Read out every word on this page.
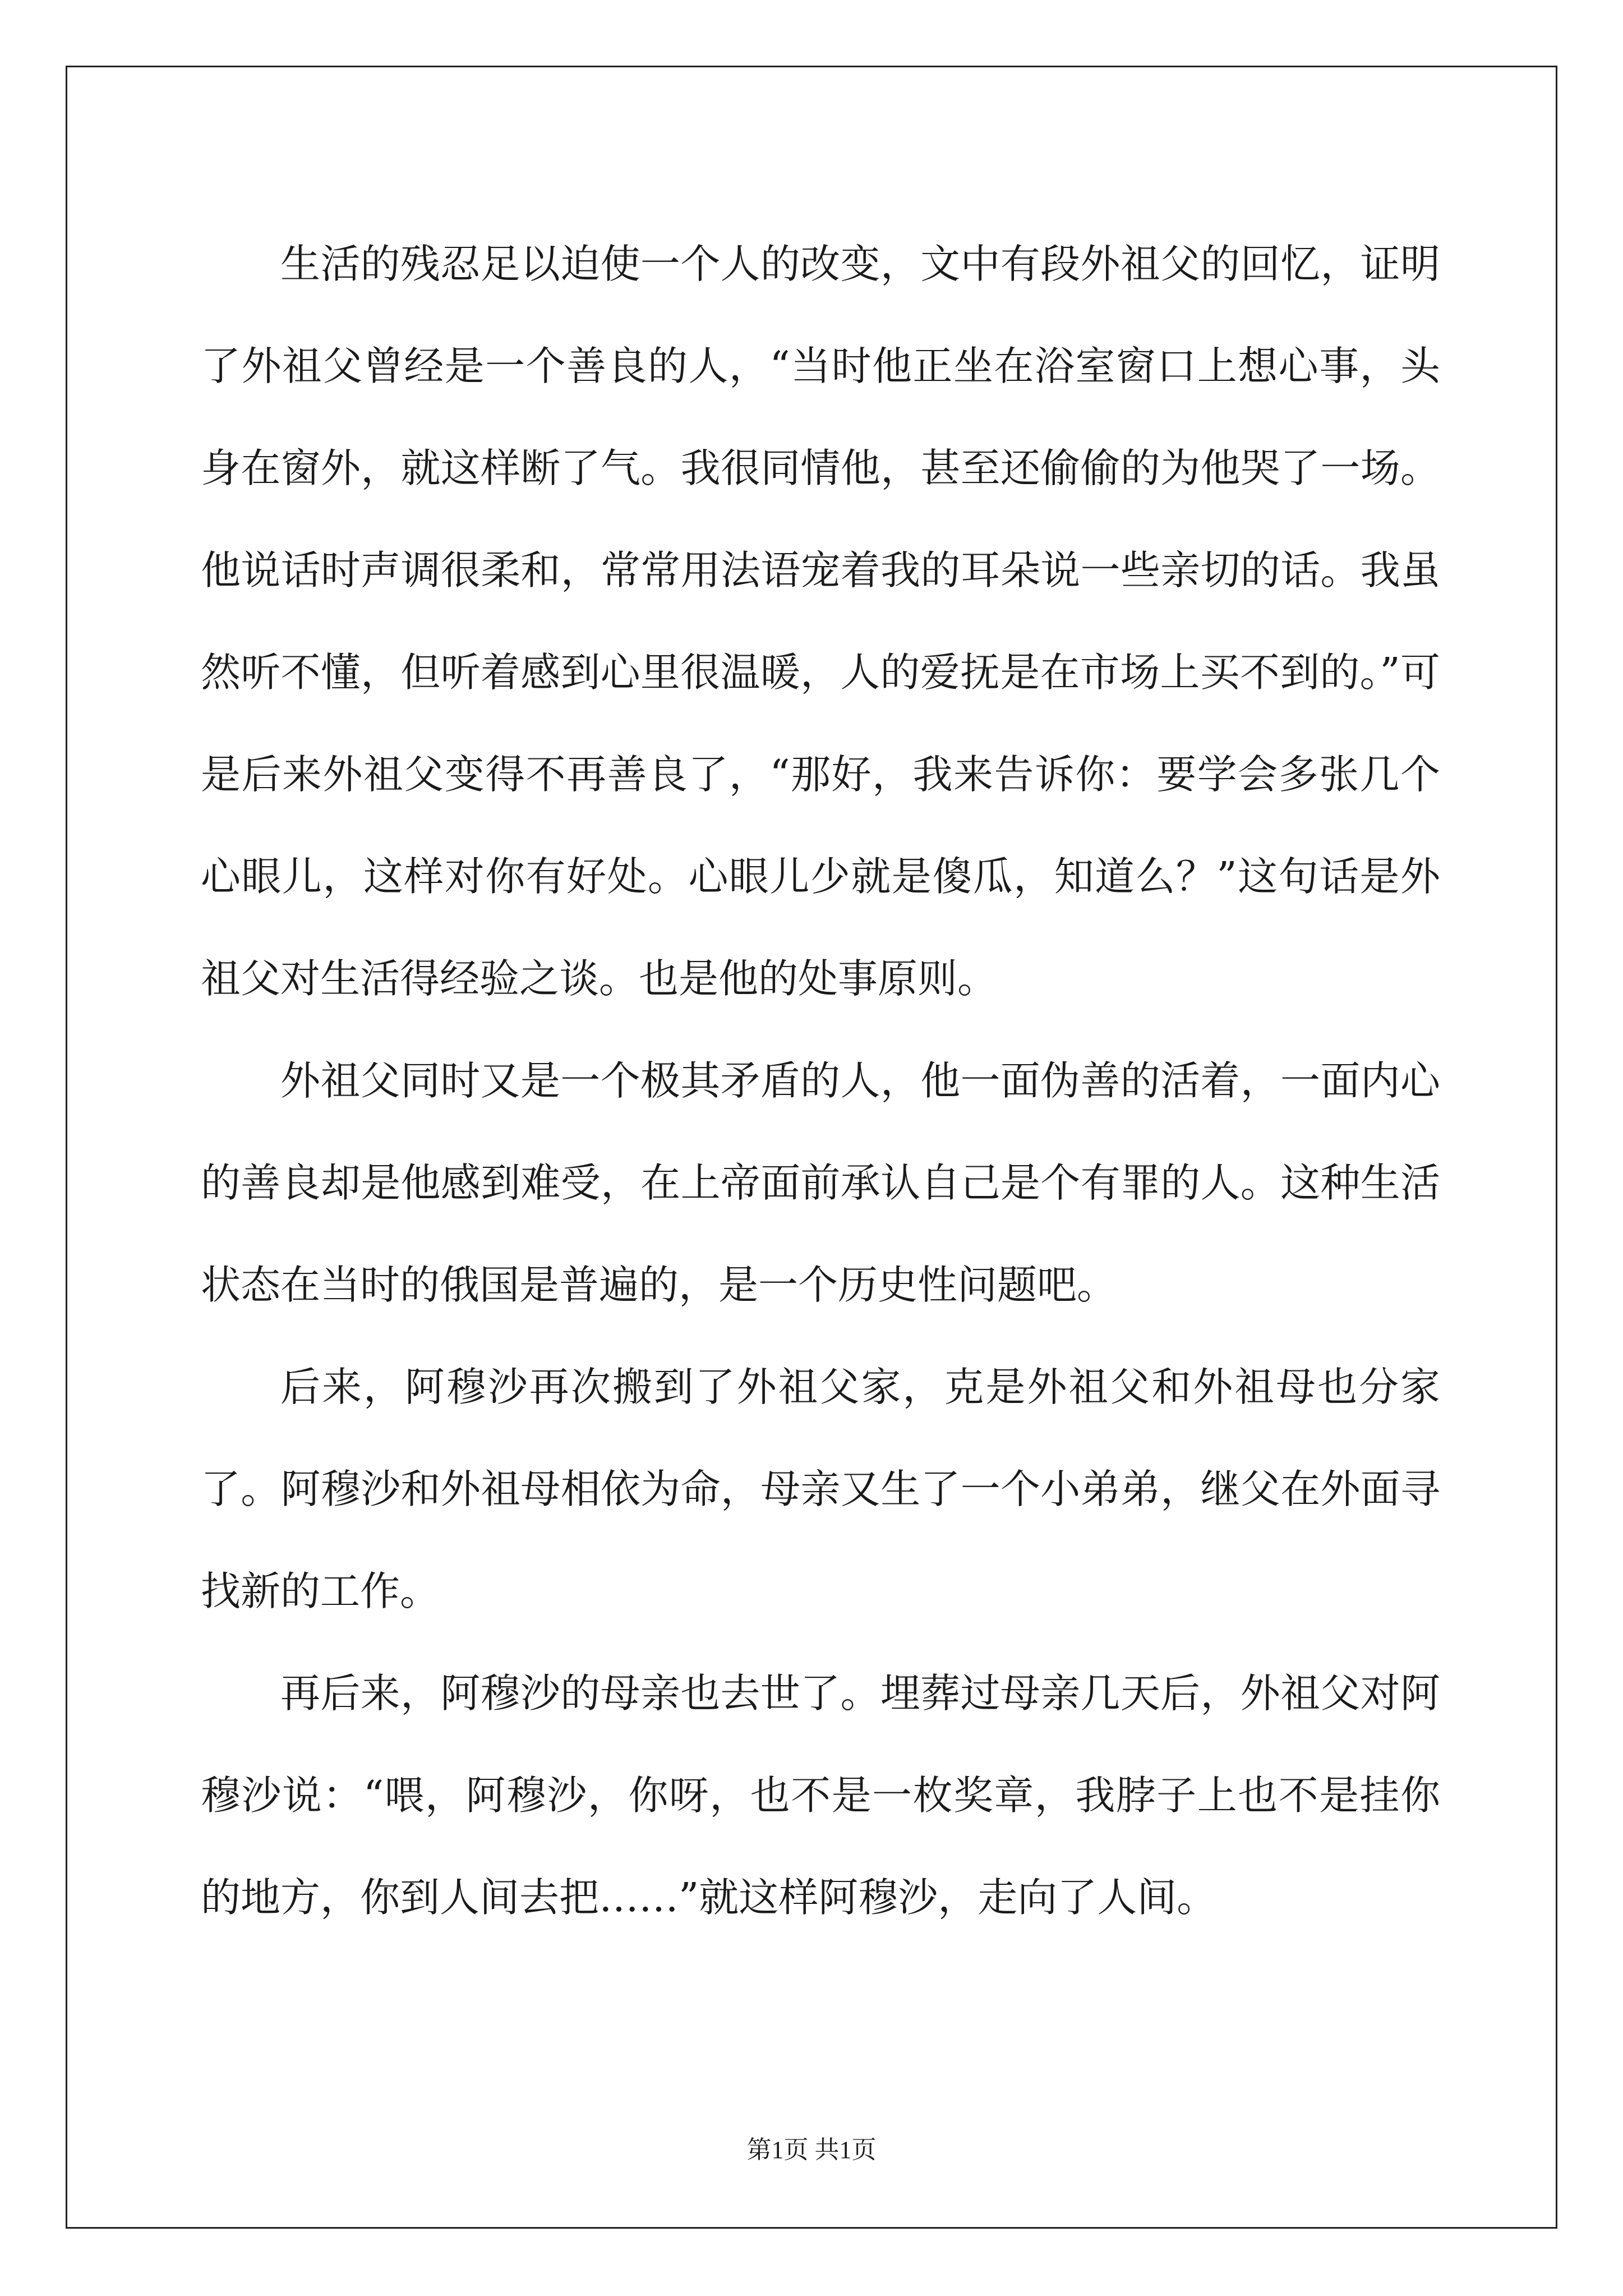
生活的残忍足以迫使一个人的改变，文中有段外祖父的回忆，证明了外祖父曾经是一个善良的人，“当时他正坐在浴室窗口上想心事，头身在窗外，就这样断了气。我很同情他，甚至还偷偷的为他哭了一场。他说话时声调很柔和，常常用法语宠着我的耳朵说一些亲切的话。我虽然听不懂，但听着感到心里很温暖，人的爱抚是在市场上买不到的。”可是后来外祖父变得不再善良了，“那好，我来告诉你：要学会多张几个心眼儿，这样对你有好处。心眼儿少就是傻瓜，知道么？”这句话是外祖父对生活得经验之谈。也是他的处事原则。

外祖父同时又是一个极其矛盾的人，他一面伪善的活着，一面内心的善良却是他感到难受，在上帝面前承认自己是个有罪的人。这种生活状态在当时的俄国是普遍的，是一个历史性问题吧。

后来，阿穆沙再次搬到了外祖父家，克是外祖父和外祖母也分家了。阿穆沙和外祖母相依为命，母亲又生了一个小弟弟，继父在外面寻找新的工作。

再后来，阿穆沙的母亲也去世了。埋葬过母亲几天后，外祖父对阿穆沙说：“喂，阿穆沙，你呀，也不是一枚奖章，我脖子上也不是挂你的地方，你到人间去把……”就这样阿穆沙，走向了人间。

第1页 共1页
